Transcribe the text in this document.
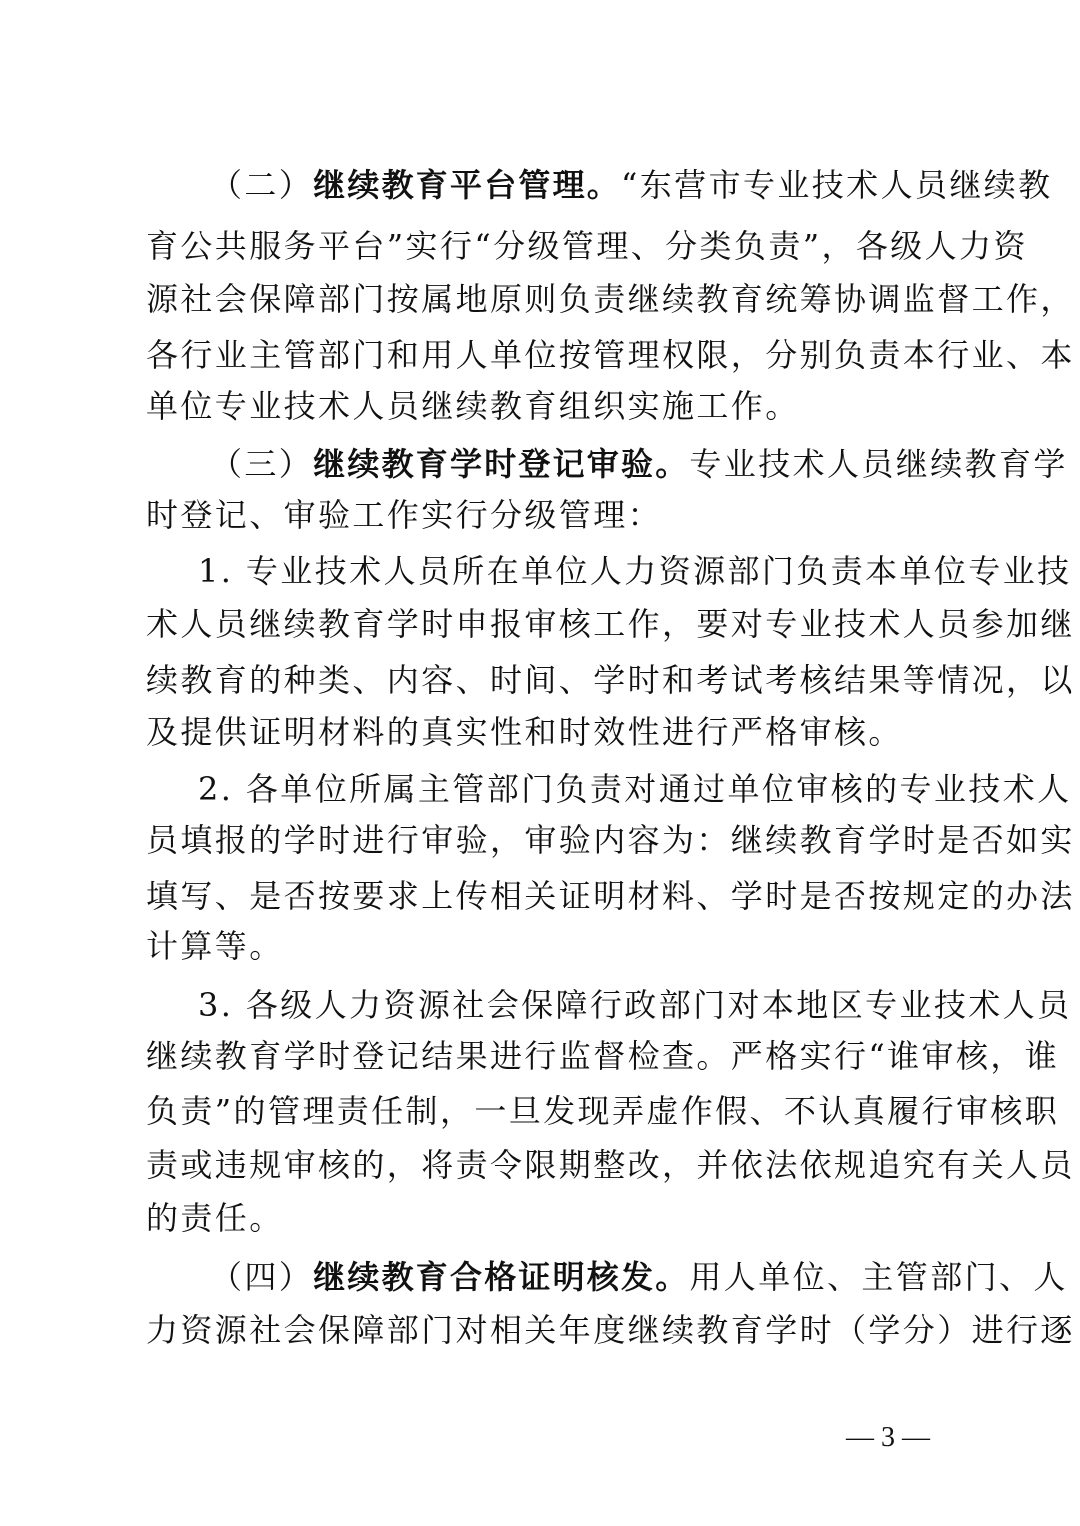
（二）继续教育平台管理。“东营市专业技术人员继续教
育公共服务平台”实行“分级管理、分类负责”，各级人力资
源社会保障部门按属地原则负责继续教育统筹协调监督工作，
各行业主管部门和用人单位按管理权限，分别负责本行业、本
单位专业技术人员继续教育组织实施工作。
（三）继续教育学时登记审验。专业技术人员继续教育学
时登记、审验工作实行分级管理：
1. 专业技术人员所在单位人力资源部门负责本单位专业技
术人员继续教育学时申报审核工作，要对专业技术人员参加继
续教育的种类、内容、时间、学时和考试考核结果等情况，以
及提供证明材料的真实性和时效性进行严格审核。
2. 各单位所属主管部门负责对通过单位审核的专业技术人
员填报的学时进行审验，审验内容为：继续教育学时是否如实
填写、是否按要求上传相关证明材料、学时是否按规定的办法
计算等。
3. 各级人力资源社会保障行政部门对本地区专业技术人员
继续教育学时登记结果进行监督检查。严格实行“谁审核，谁
负责”的管理责任制，一旦发现弄虚作假、不认真履行审核职
责或违规审核的，将责令限期整改，并依法依规追究有关人员
的责任。
（四）继续教育合格证明核发。用人单位、主管部门、人
力资源社会保障部门对相关年度继续教育学时（学分）进行逐
— 3 —
